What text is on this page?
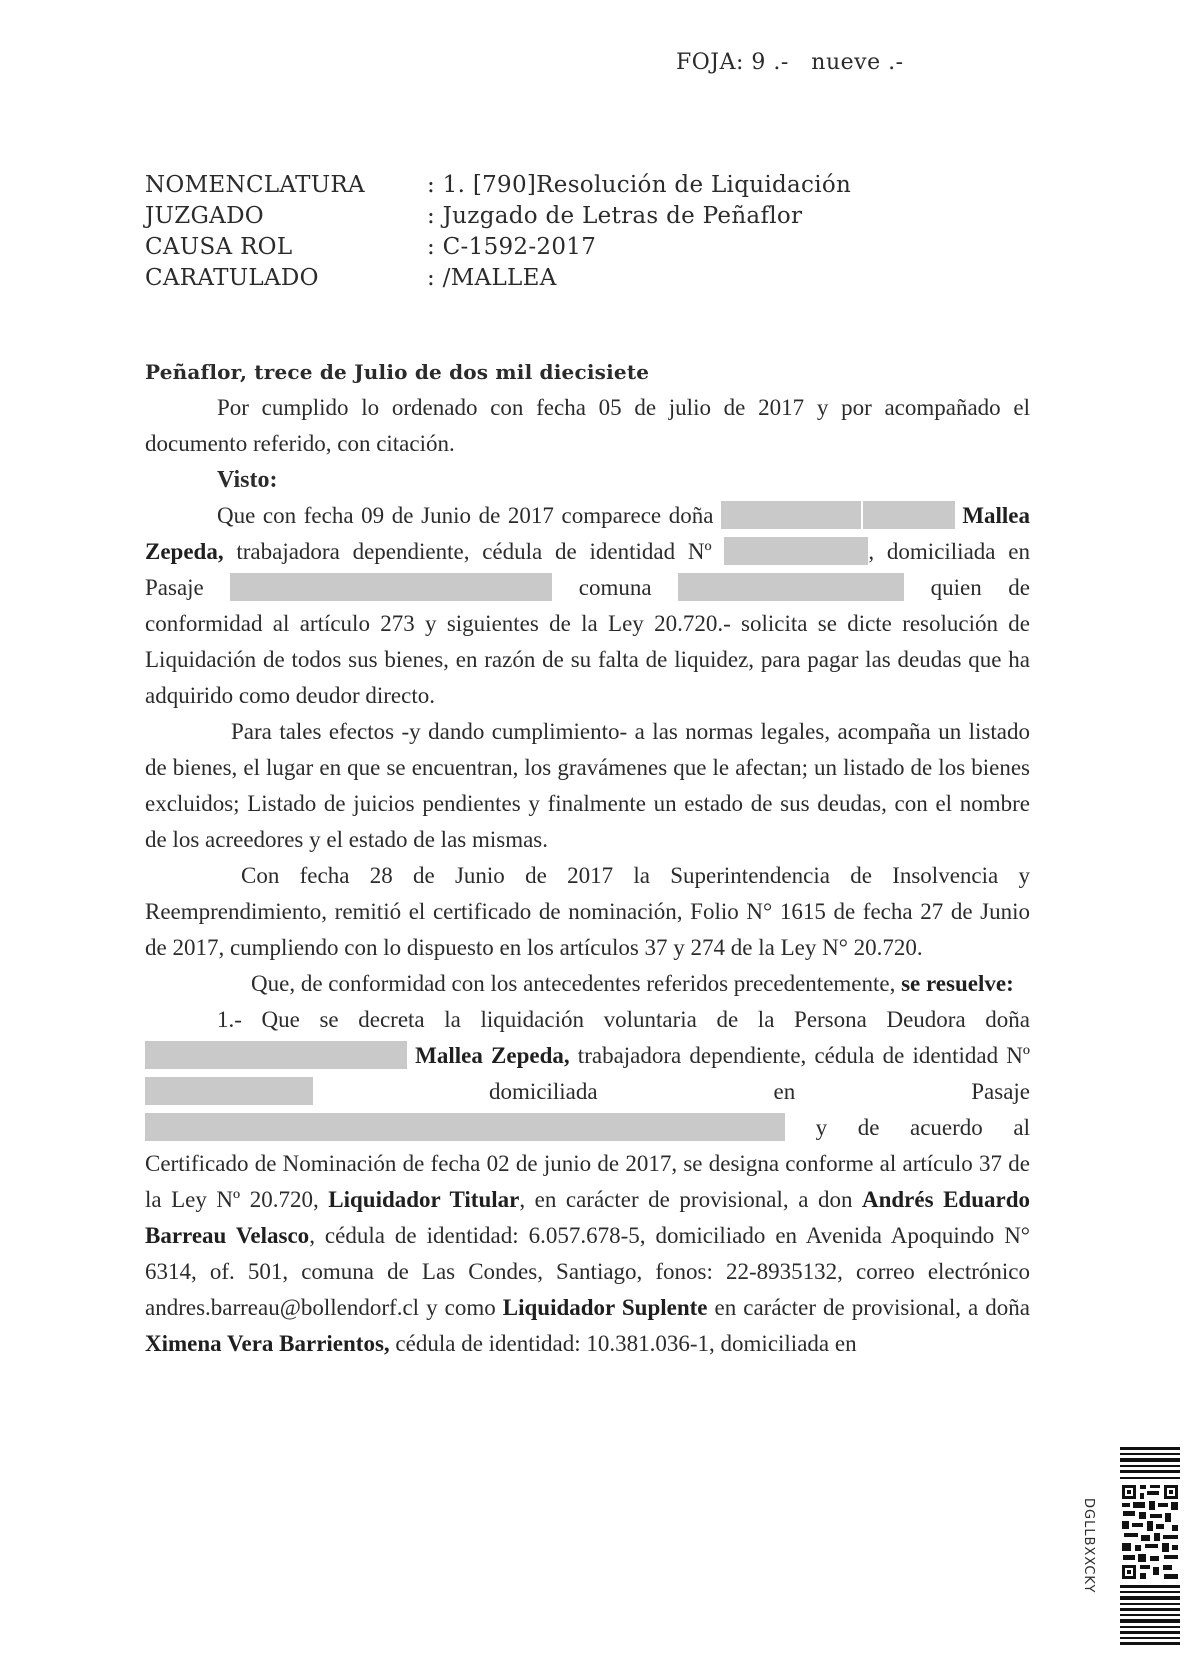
FOJA: 9 .-   nueve .-
NOMENCLATURA	: 1. [790]Resolución de Liquidación
JUZGADO	: Juzgado de Letras de Peñaflor
CAUSA ROL	: C-1592-2017
CARATULADO	: /MALLEA
Peñaflor, trece de Julio de dos mil diecisiete

Por cumplido lo ordenado con fecha 05 de julio de 2017 y por acompañado el documento referido, con citación.

Visto:

Que con fecha 09 de Junio de 2017 comparece doña	Mallea Zepeda, trabajadora dependiente, cédula de identidad Nº	, domiciliada en Pasaje	comuna	quien de conformidad al artículo 273 y siguientes de la Ley 20.720.- solicita se dicte resolución de Liquidación de todos sus bienes, en razón de su falta de liquidez, para pagar las deudas que ha adquirido como deudor directo.

Para tales efectos -y dando cumplimiento- a las normas legales, acompaña un listado de bienes, el lugar en que se encuentran, los gravámenes que le afectan; un listado de los bienes excluidos; Listado de juicios pendientes y finalmente un estado de sus deudas, con el nombre de los acreedores y el estado de las mismas.

Con fecha 28 de Junio de 2017 la Superintendencia de Insolvencia y Reemprendimiento, remitió el certificado de nominación, Folio N° 1615 de fecha 27 de Junio de 2017, cumpliendo con lo dispuesto en los artículos 37 y 274 de la Ley N° 20.720.

Que, de conformidad con los antecedentes referidos precedentemente, se resuelve:

1.- Que se decreta la liquidación voluntaria de la Persona Deudora doña  Mallea Zepeda, trabajadora dependiente, cédula de identidad Nº  domiciliada en Pasaje  y de acuerdo al Certificado de Nominación de fecha 02 de junio de 2017, se designa conforme al artículo 37 de la Ley Nº 20.720, Liquidador Titular, en carácter de provisional, a don Andrés Eduardo Barreau Velasco, cédula de identidad: 6.057.678-5, domiciliado en Avenida Apoquindo N° 6314, of. 501, comuna de Las Condes, Santiago, fonos: 22-8935132, correo electrónico andres.barreau@bollendorf.cl y como Liquidador Suplente en carácter de provisional, a doña Ximena Vera Barrientos, cédula de identidad: 10.381.036-1, domiciliada en

DGLLBXXCKY
